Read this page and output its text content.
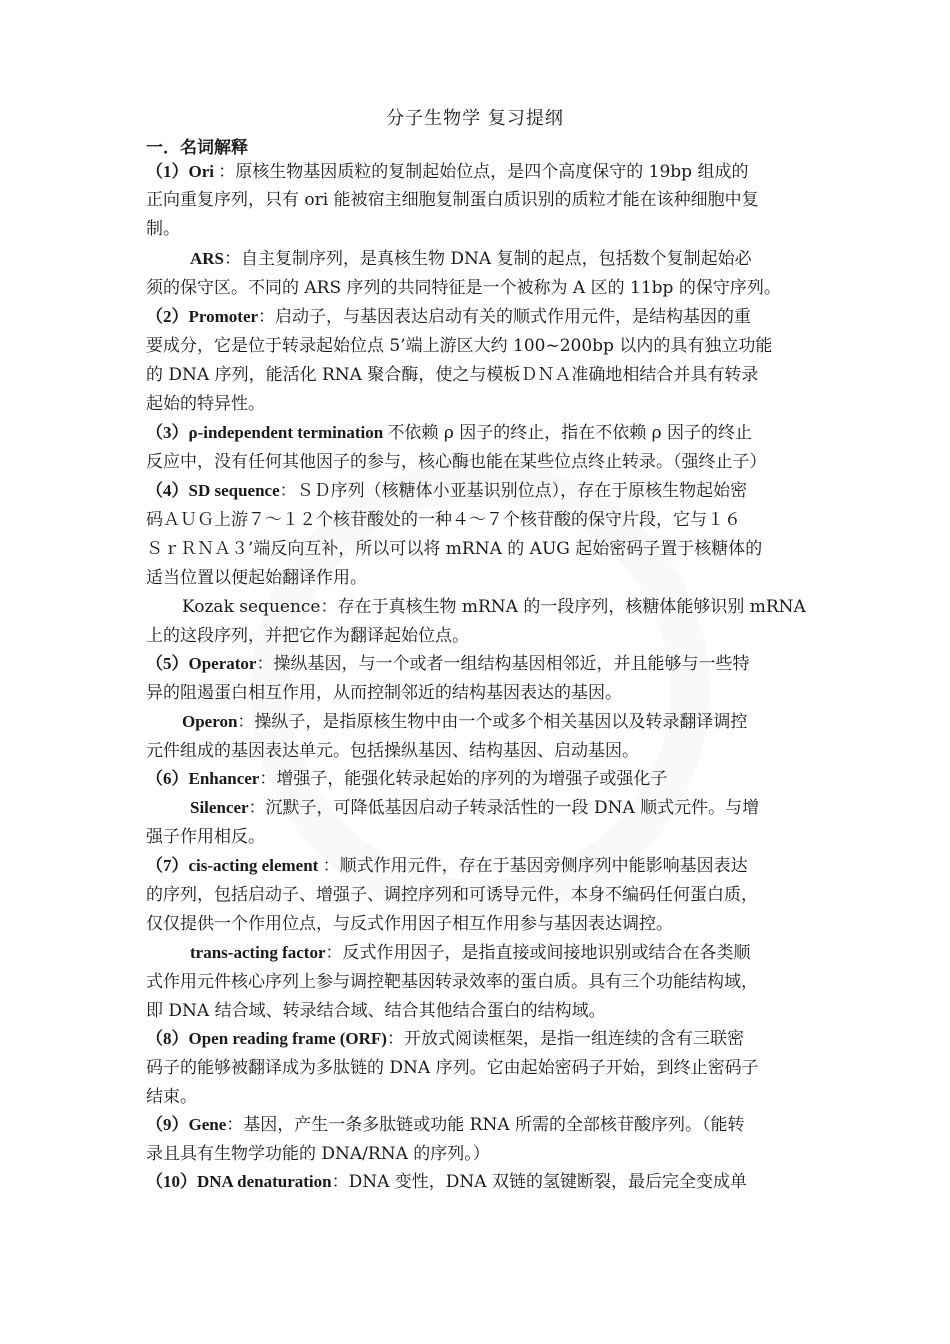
分子生物学 复习提纲
一．名词解释
（1）Ori ：原核生物基因质粒的复制起始位点，是四个高度保守的 19bp 组成的
正向重复序列，只有 ori 能被宿主细胞复制蛋白质识别的质粒才能在该种细胞中复
制。
ARS：自主复制序列，是真核生物 DNA 复制的起点，包括数个复制起始必
须的保守区。不同的 ARS 序列的共同特征是一个被称为 A 区的 11bp 的保守序列。
（2）Promoter：启动子，与基因表达启动有关的顺式作用元件，是结构基因的重
要成分，它是位于转录起始位点 5’端上游区大约 100~200bp 以内的具有独立功能
的 DNA 序列，能活化 RNA 聚合酶，使之与模板ＤＮＡ准确地相结合并具有转录
起始的特异性。
（3）ρ-independent termination 不依赖 ρ 因子的终止，指在不依赖 ρ 因子的终止
反应中，没有任何其他因子的参与，核心酶也能在某些位点终止转录。（强终止子）
（4）SD sequence：ＳＤ序列（核糖体小亚基识别位点），存在于原核生物起始密
码ＡＵＧ上游７～１２个核苷酸处的一种４～７个核苷酸的保守片段，它与１６
ＳｒＲＮＡ３’端反向互补，所以可以将 mRNA 的 AUG 起始密码子置于核糖体的
适当位置以便起始翻译作用。
Kozak sequence：存在于真核生物 mRNA 的一段序列，核糖体能够识别 mRNA
上的这段序列，并把它作为翻译起始位点。
（5）Operator：操纵基因，与一个或者一组结构基因相邻近，并且能够与一些特
异的阻遏蛋白相互作用，从而控制邻近的结构基因表达的基因。
Operon：操纵子，是指原核生物中由一个或多个相关基因以及转录翻译调控
元件组成的基因表达单元。包括操纵基因、结构基因、启动基因。
（6）Enhancer：增强子，能强化转录起始的序列的为增强子或强化子
Silencer：沉默子，可降低基因启动子转录活性的一段 DNA 顺式元件。与增
强子作用相反。
（7）cis-acting element ：顺式作用元件，存在于基因旁侧序列中能影响基因表达
的序列，包括启动子、增强子、调控序列和可诱导元件，本身不编码任何蛋白质，
仅仅提供一个作用位点，与反式作用因子相互作用参与基因表达调控。
trans-acting factor：反式作用因子，是指直接或间接地识别或结合在各类顺
式作用元件核心序列上参与调控靶基因转录效率的蛋白质。具有三个功能结构域，
即 DNA 结合域、转录结合域、结合其他结合蛋白的结构域。
（8）Open reading frame (ORF)：开放式阅读框架，是指一组连续的含有三联密
码子的能够被翻译成为多肽链的 DNA 序列。它由起始密码子开始，到终止密码子
结束。
（9）Gene：基因，产生一条多肽链或功能 RNA 所需的全部核苷酸序列。（能转
录且具有生物学功能的 DNA/RNA 的序列。）
（10）DNA denaturation：DNA 变性，DNA 双链的氢键断裂，最后完全变成单
